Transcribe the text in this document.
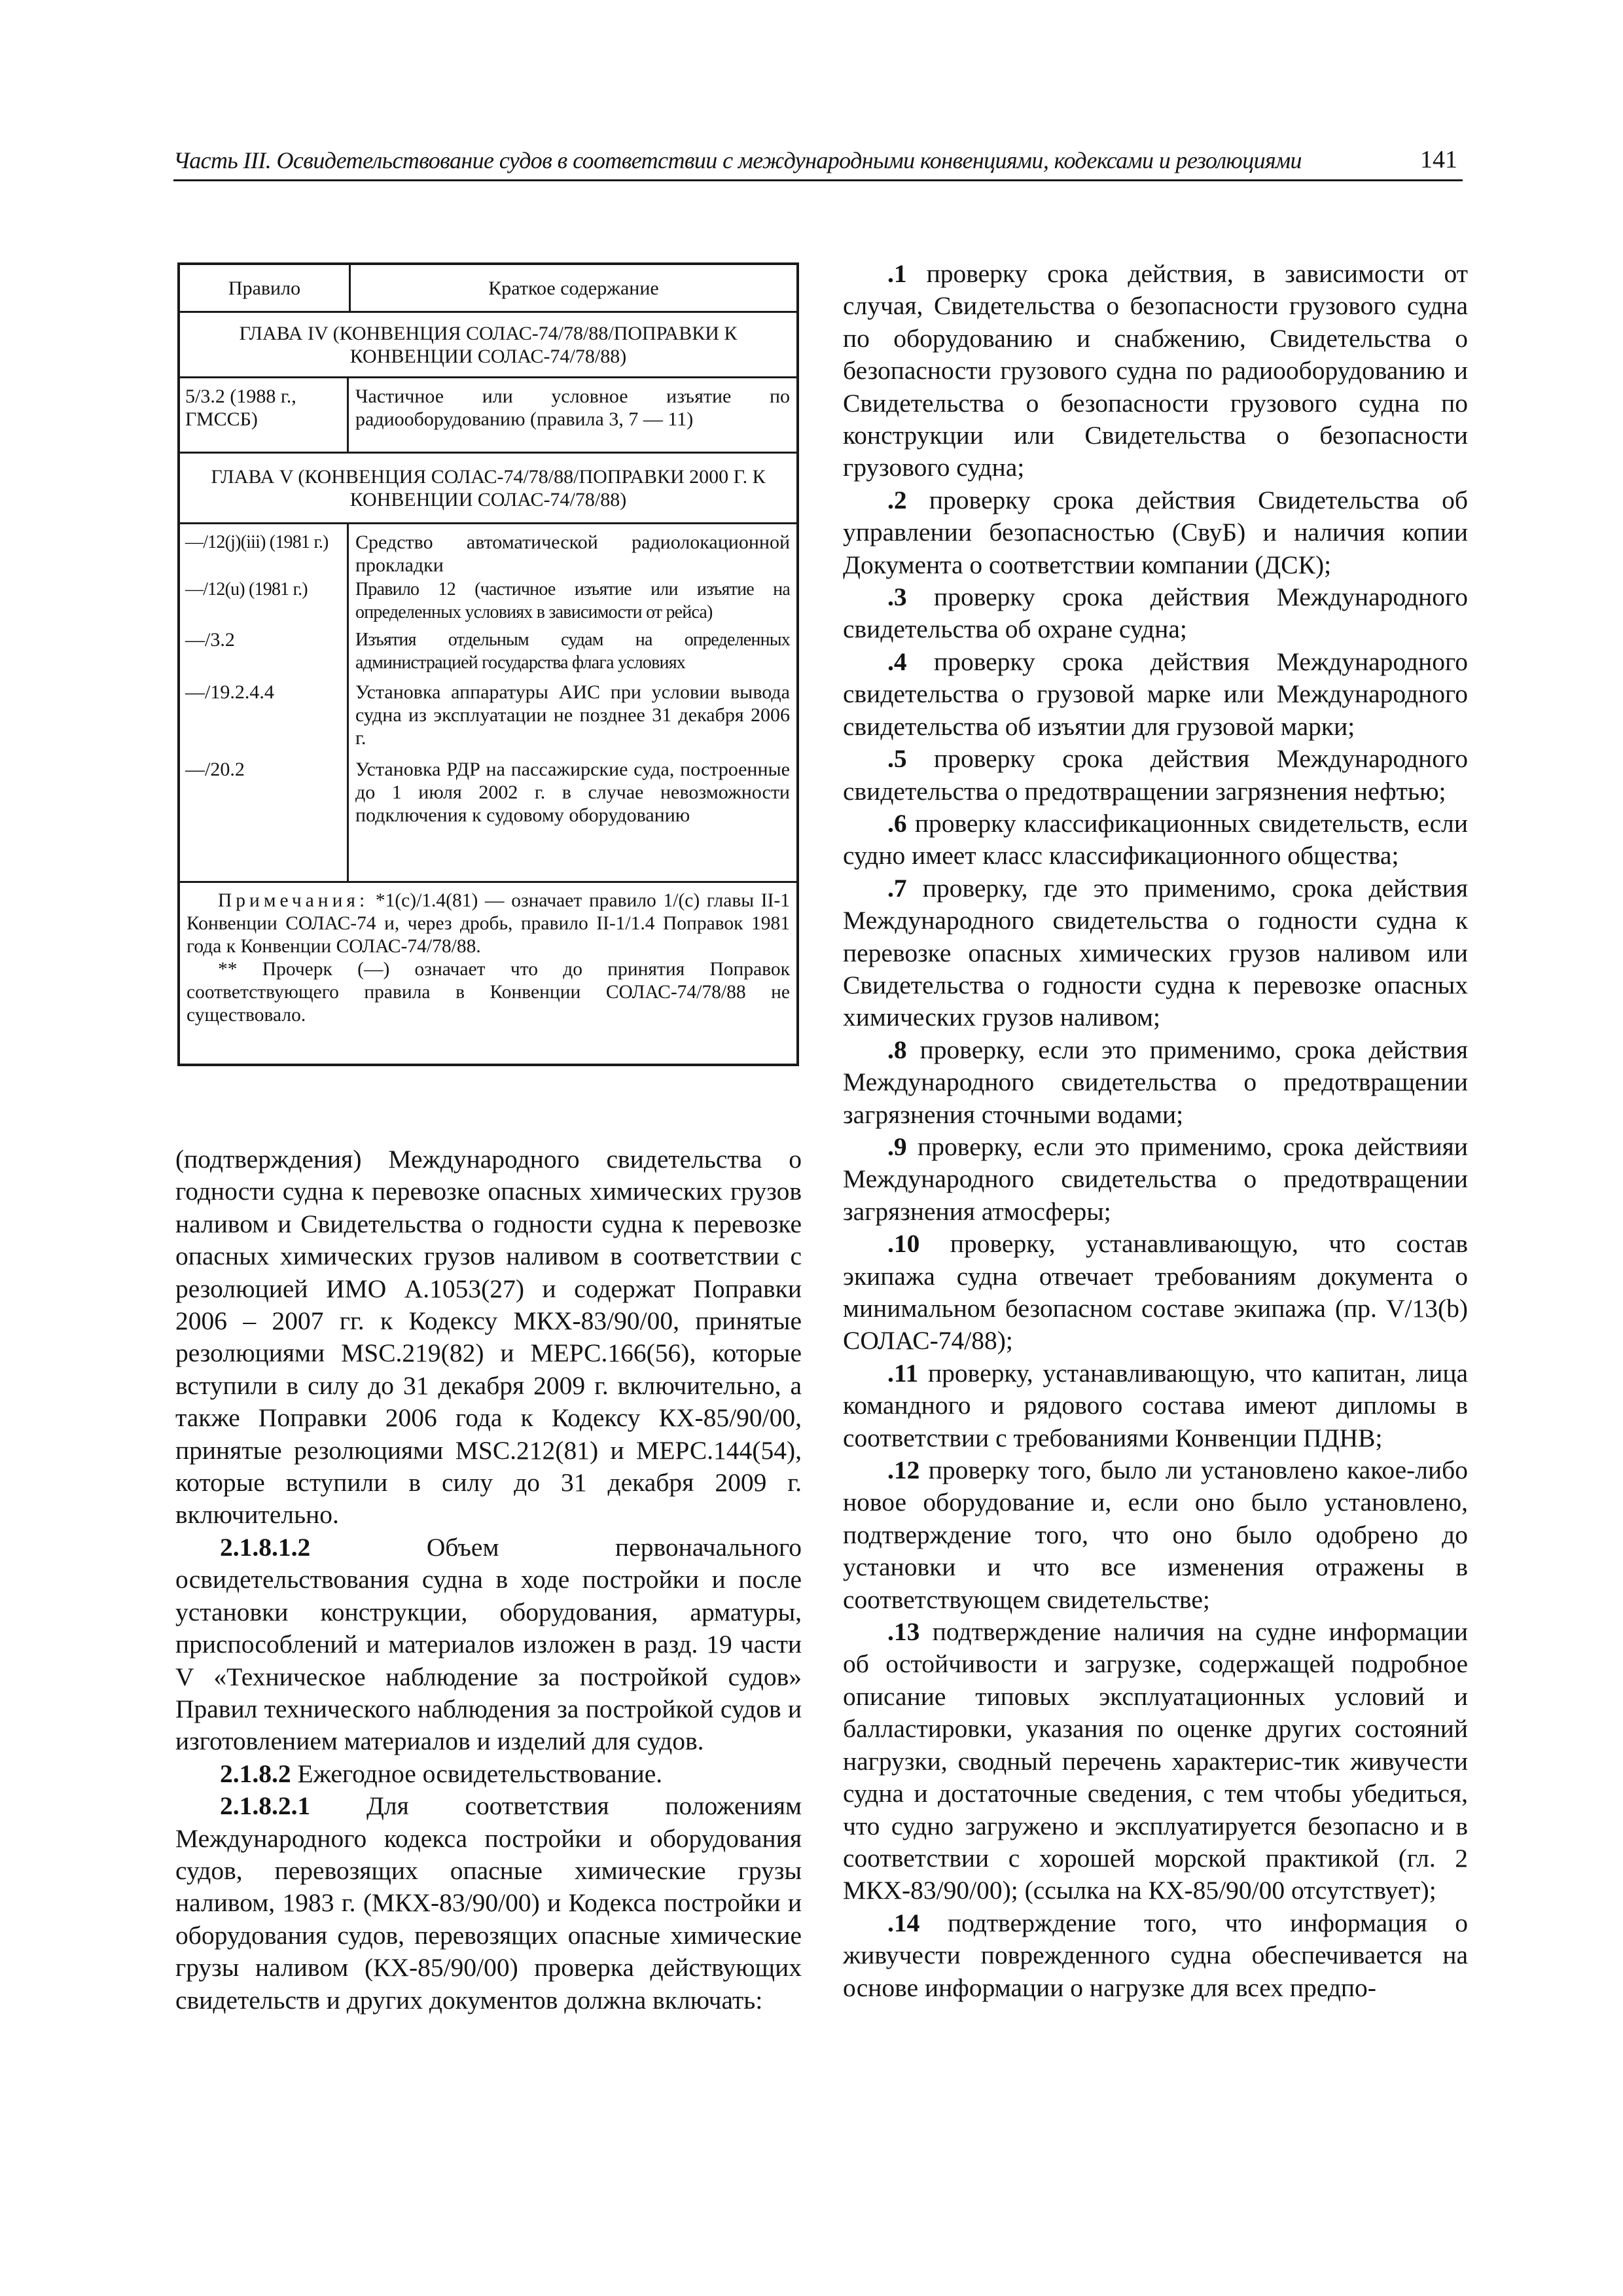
Часть III. Освидетельствование судов в соответствии с международными конвенциями, кодексами и резолюциями	141
Правило	Краткое содержание
ГЛАВА IV (КОНВЕНЦИЯ СОЛАС-74/78/88/ПОПРАВКИ К КОНВЕНЦИИ СОЛАС-74/78/88)
5/3.2 (1988 г., ГМССБ)
Частичное или условное изъятие по радиооборудованию (правила 3, 7 — 11)
ГЛАВА V (КОНВЕНЦИЯ СОЛАС-74/78/88/ПОПРАВКИ 2000 Г. К КОНВЕНЦИИ СОЛАС-74/78/88)
—/12(j)(iii) (1981 г.)
—/12(u) (1981 г.)
—/3.2
—/19.2.4.4
—/20.2
Средство автоматической радиолокационной прокладки
Правило 12 (частичное изъятие или изъятие на определенных условиях в зависимости от рейса)
Изъятия отдельным судам на определенных администрацией государства флага условиях
Установка аппаратуры АИС при условии вывода судна из эксплуатации не позднее 31 декабря 2006 г.
Установка РДР на пассажирские суда, построенные до 1 июля 2002 г. в случае невозможности подключения к судовому оборудованию

Примечания: *1(с)/1.4(81) — означает правило 1/(с) главы II-1 Конвенции СОЛАС-74 и, через дробь, правило II-1/1.4 Поправок 1981 года к Конвенции СОЛАС-74/78/88.

** Прочерк (—) означает что до принятия Поправок соответствующего правила в Конвенции СОЛАС-74/78/88 не существовало.

(подтверждения) Международного свидетельства о годности судна к перевозке опасных химических грузов наливом и Свидетельства о годности судна к перевозке опасных химических грузов наливом в соответствии с резолюцией ИМО А.1053(27) и содержат Поправки 2006 – 2007 гг. к Кодексу МКХ-83/90/00, принятые резолюциями MSC.219(82) и МЕРС.166(56), которые вступили в силу до 31 декабря 2009 г. включительно, а также Поправки 2006 года к Кодексу КХ-85/90/00, принятые резолюциями MSC.212(81) и МЕРС.144(54), которые вступили в силу до 31 декабря 2009 г. включительно.

2.1.8.1.2 Объем первоначального освидетельствования судна в ходе постройки и после установки конструкции, оборудования, арматуры, приспособлений и материалов изложен в разд. 19 части V «Техническое наблюдение за постройкой судов» Правил технического наблюдения за постройкой судов и изготовлением материалов и изделий для судов.

2.1.8.2 Ежегодное освидетельствование.

2.1.8.2.1 Для соответствия положениям Международного кодекса постройки и оборудования судов, перевозящих опасные химические грузы наливом, 1983 г. (МКХ-83/90/00) и Кодекса постройки и оборудования судов, перевозящих опасные химические грузы наливом (КХ-85/90/00) проверка действующих свидетельств и других документов должна включать:

.1 проверку срока действия, в зависимости от случая, Свидетельства о безопасности грузового судна по оборудованию и снабжению, Свидетельства о безопасности грузового судна по радиооборудованию и Свидетельства о безопасности грузового судна по конструкции или Свидетельства о безопасности грузового судна;

.2 проверку срока действия Свидетельства об управлении безопасностью (СвуБ) и наличия копии Документа о соответствии компании (ДСК);

.3 проверку срока действия Международного свидетельства об охране судна;

.4 проверку срока действия Международного свидетельства о грузовой марке или Международного свидетельства об изъятии для грузовой марки;

.5 проверку срока действия Международного свидетельства о предотвращении загрязнения нефтью;

.6 проверку классификационных свидетельств, если судно имеет класс классификационного общества;

.7 проверку, где это применимо, срока действия Международного свидетельства о годности судна к перевозке опасных химических грузов наливом или Свидетельства о годности судна к перевозке опасных химических грузов наливом;

.8 проверку, если это применимо, срока действия Международного свидетельства о предотвращении загрязнения сточными водами;

.9 проверку, если это применимо, срока действияи Международного свидетельства о предотвращении загрязнения атмосферы;

.10 проверку, устанавливающую, что состав экипажа судна отвечает требованиям документа о минимальном безопасном составе экипажа (пр. V/13(b) СОЛАС-74/88);

.11 проверку, устанавливающую, что капитан, лица командного и рядового состава имеют дипломы в соответствии с требованиями Конвенции ПДНВ;

.12 проверку того, было ли установлено какое-либо новое оборудование и, если оно было установлено, подтверждение того, что оно было одобрено до установки и что все изменения отражены в соответствующем свидетельстве;

.13 подтверждение наличия на судне информации об остойчивости и загрузке, содержащей подробное описание типовых эксплуатационных условий и балластировки, указания по оценке других состояний нагрузки, сводный перечень характерис-тик живучести судна и достаточные сведения, с тем чтобы убедиться, что судно загружено и эксплуатируется безопасно и в соответствии с хорошей морской практикой (гл. 2 МКХ-83/90/00); (ссылка на КХ-85/90/00 отсутствует);

.14 подтверждение того, что информация о живучести поврежденного судна обеспечивается на основе информации о нагрузке для всех предпо-
